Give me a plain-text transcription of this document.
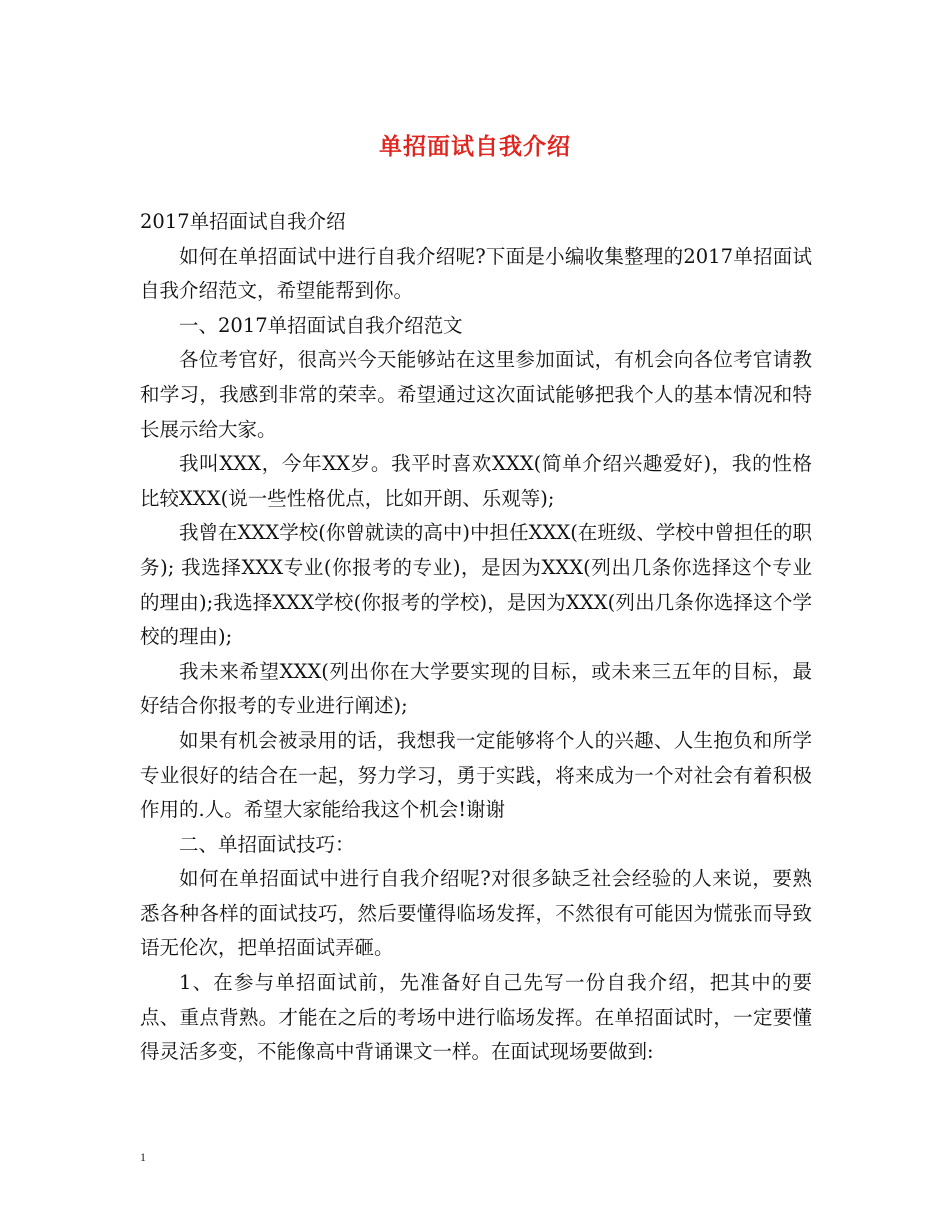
单招面试自我介绍

2017单招面试自我介绍

如何在单招面试中进行自我介绍呢?下面是小编收集整理的2017单招面试自我介绍范文，希望能帮到你。

一、2017单招面试自我介绍范文

各位考官好，很高兴今天能够站在这里参加面试，有机会向各位考官请教和学习，我感到非常的荣幸。希望通过这次面试能够把我个人的基本情况和特长展示给大家。

我叫XXX，今年XX岁。我平时喜欢XXX(简单介绍兴趣爱好)，我的性格比较XXX(说一些性格优点，比如开朗、乐观等);

我曾在XXX学校(你曾就读的高中)中担任XXX(在班级、学校中曾担任的职务); 我选择XXX专业(你报考的专业)，是因为XXX(列出几条你选择这个专业的理由);我选择XXX学校(你报考的学校)，是因为XXX(列出几条你选择这个学校的理由);

我未来希望XXX(列出你在大学要实现的目标，或未来三五年的目标，最好结合你报考的专业进行阐述);

如果有机会被录用的话，我想我一定能够将个人的兴趣、人生抱负和所学专业很好的结合在一起，努力学习，勇于实践，将来成为一个对社会有着积极作用的.人。希望大家能给我这个机会!谢谢

二、单招面试技巧：

如何在单招面试中进行自我介绍呢?对很多缺乏社会经验的人来说，要熟悉各种各样的面试技巧，然后要懂得临场发挥，不然很有可能因为慌张而导致语无伦次，把单招面试弄砸。

1、在参与单招面试前，先准备好自己先写一份自我介绍，把其中的要点、重点背熟。才能在之后的考场中进行临场发挥。在单招面试时，一定要懂得灵活多变，不能像高中背诵课文一样。在面试现场要做到:

1
